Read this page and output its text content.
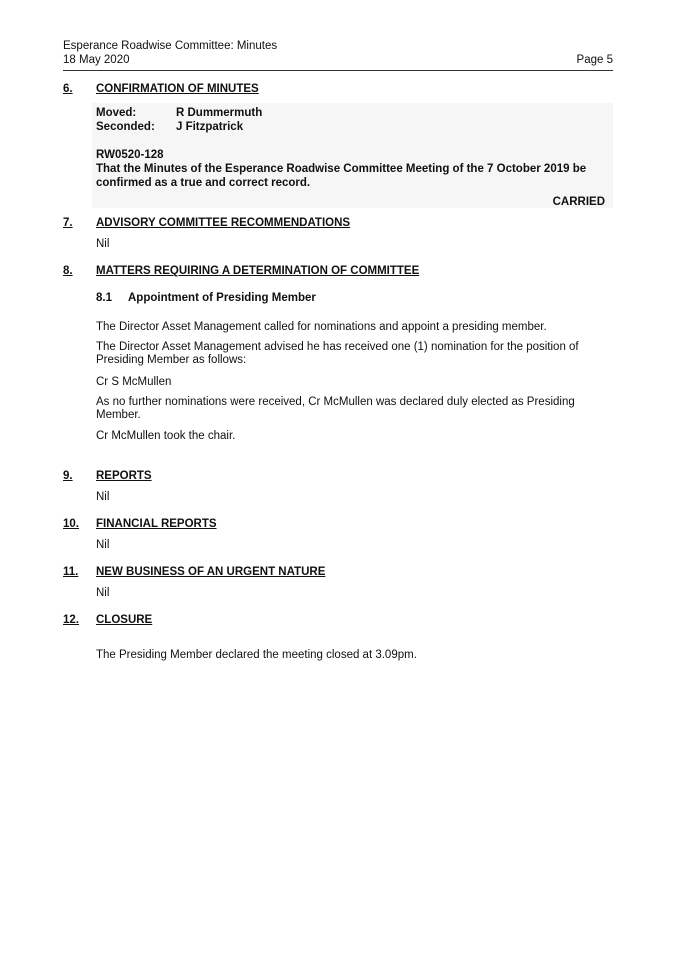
Esperance Roadwise Committee: Minutes
18 May 2020	Page 5
6. CONFIRMATION OF MINUTES
Moved:	R Dummermuth
Seconded: J Fitzpatrick
RW0520-128
That the Minutes of the Esperance Roadwise Committee Meeting of the 7 October 2019 be
confirmed as a true and correct record.
CARRIED
7. ADVISORY COMMITTEE RECOMMENDATIONS
Nil
8. MATTERS REQUIRING A DETERMINATION OF COMMITTEE
8.1 Appointment of Presiding Member
The Director Asset Management called for nominations and appoint a presiding member.
The Director Asset Management advised he has received one (1) nomination for the position of
Presiding Member as follows:
Cr S McMullen
As no further nominations were received, Cr McMullen was declared duly elected as Presiding
Member.
Cr McMullen took the chair.
9. REPORTS
Nil
10. FINANCIAL REPORTS
Nil
11. NEW BUSINESS OF AN URGENT NATURE
Nil
12. CLOSURE
The Presiding Member declared the meeting closed at 3.09pm.
